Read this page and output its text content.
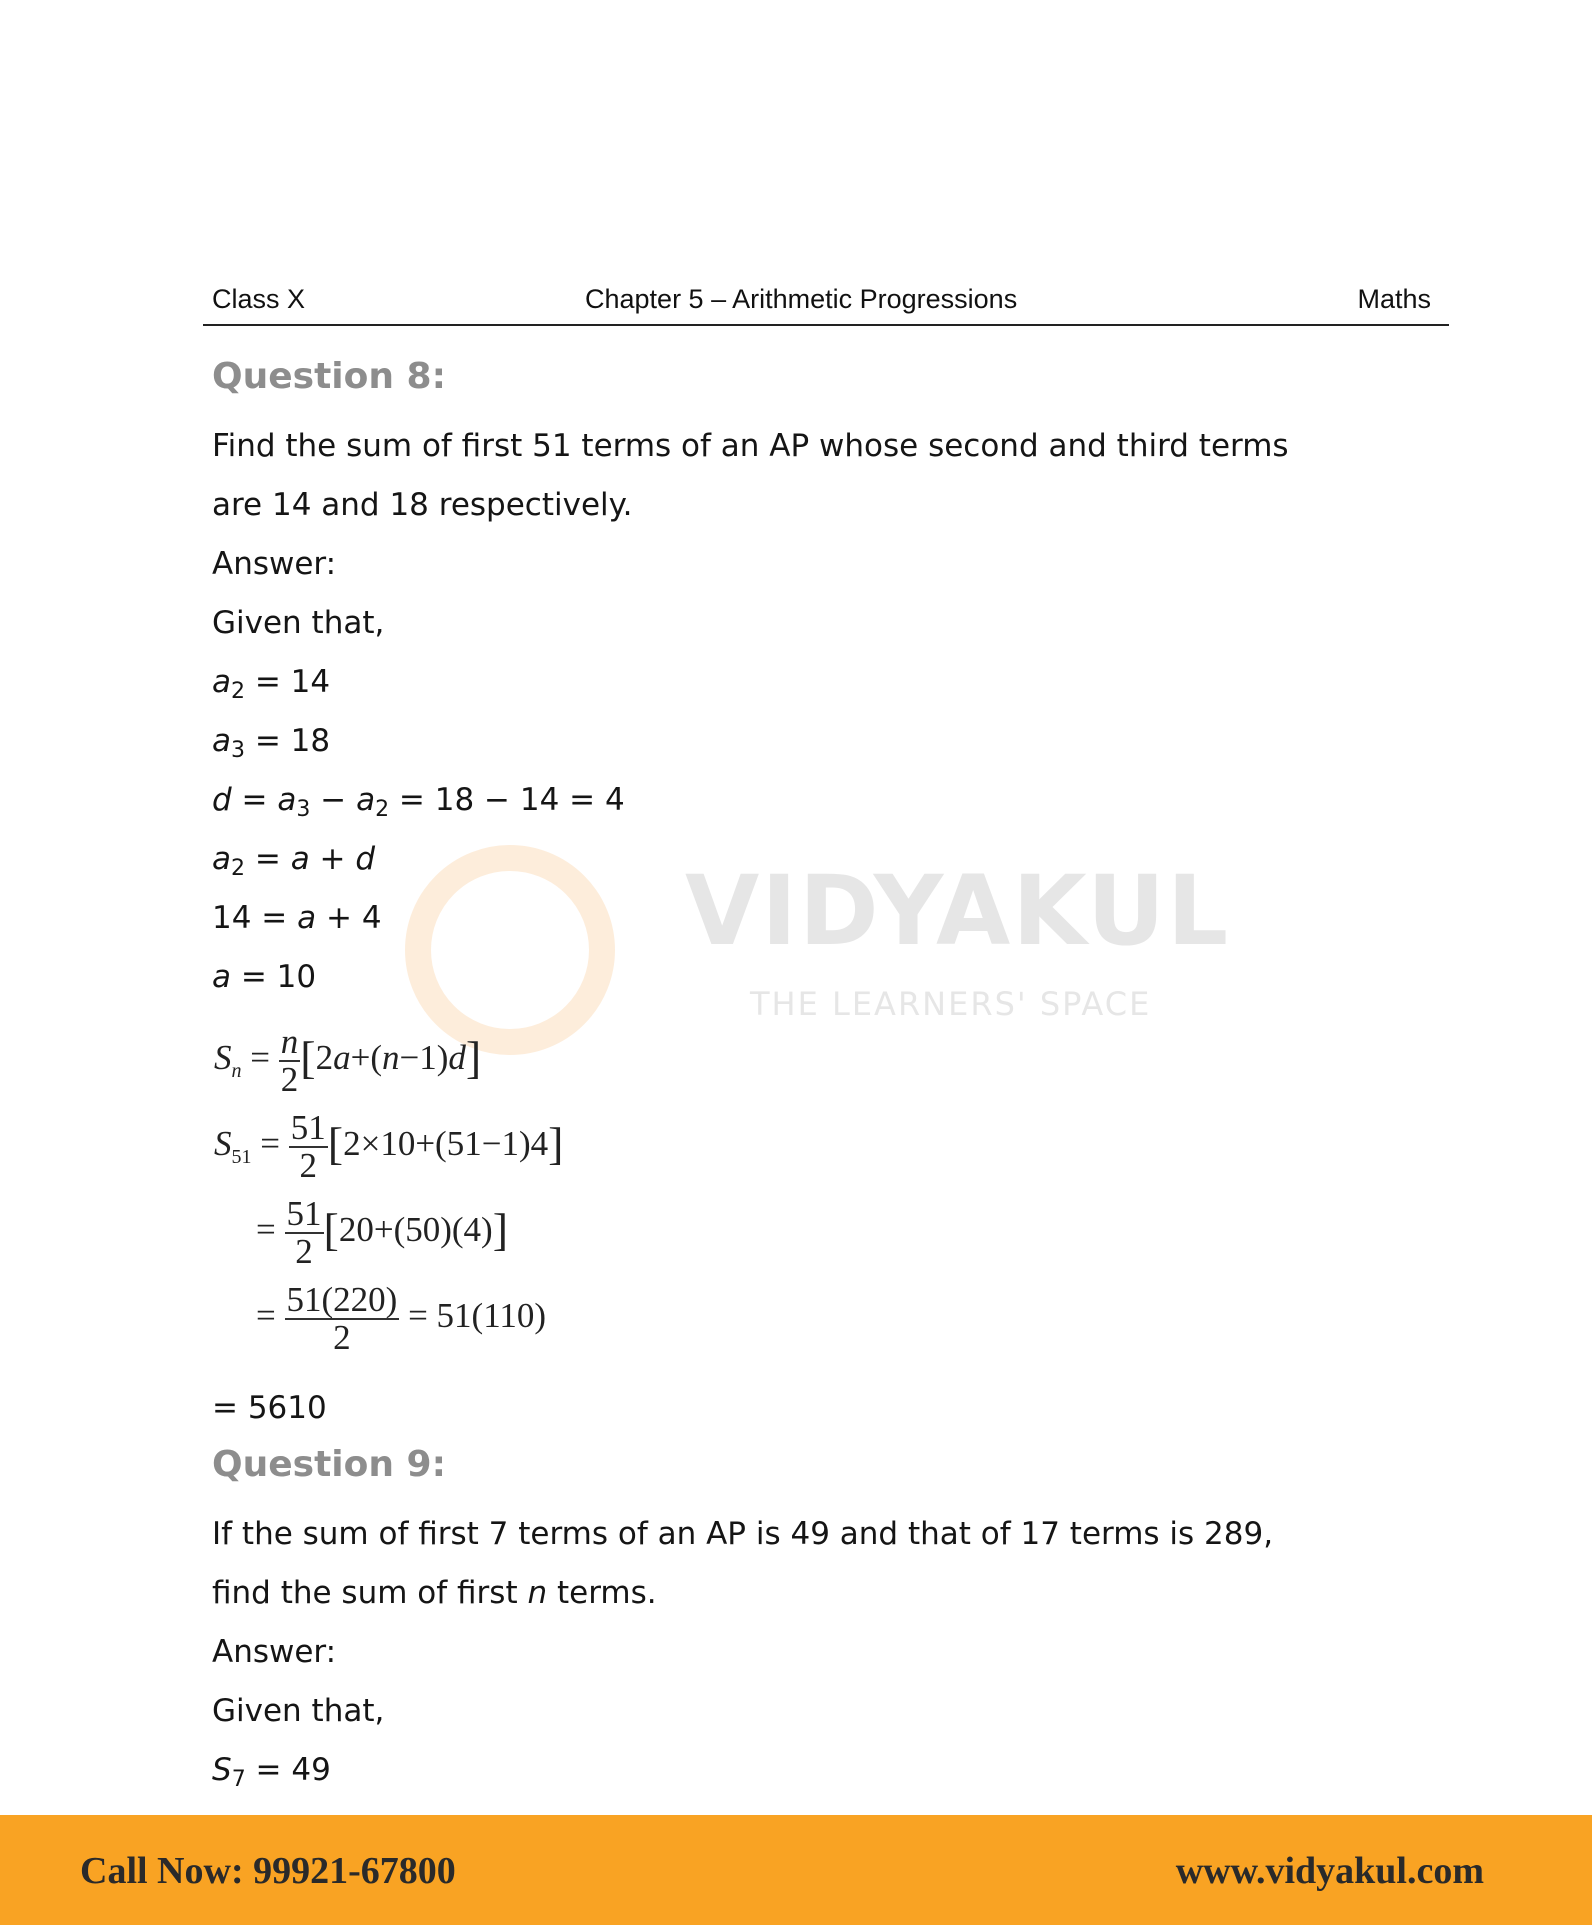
Class X	Chapter 5 – Arithmetic Progressions	Maths
VIDYAKUL
THE LEARNERS' SPACE
Question 8:
Find the sum of first 51 terms of an AP whose second and third terms
are 14 and 18 respectively.
Answer:
Given that,
$a_2 = 14$
$a_3 = 18$
$d = a_3 - a_2 = 18 - 14 = 4$
$a_2 = a + d$
14 = a + 4
a = 10
$S_n = \frac{n}{2} [2a+(n-1)d]$
$S_{51} = \frac{51}{2} [2\times 10+(51-1)4]$
= $\frac{51}{2} [20+(50)(4)]$
= $\frac{51(220)}{2} = 51(110)$
= 5610
Question 9:
If the sum of first 7 terms of an AP is 49 and that of 17 terms is 289,
find the sum of first n terms.
Answer:
Given that,
$S_7 = 49$
Call Now: 99921-67800	www.vidyakul.com
